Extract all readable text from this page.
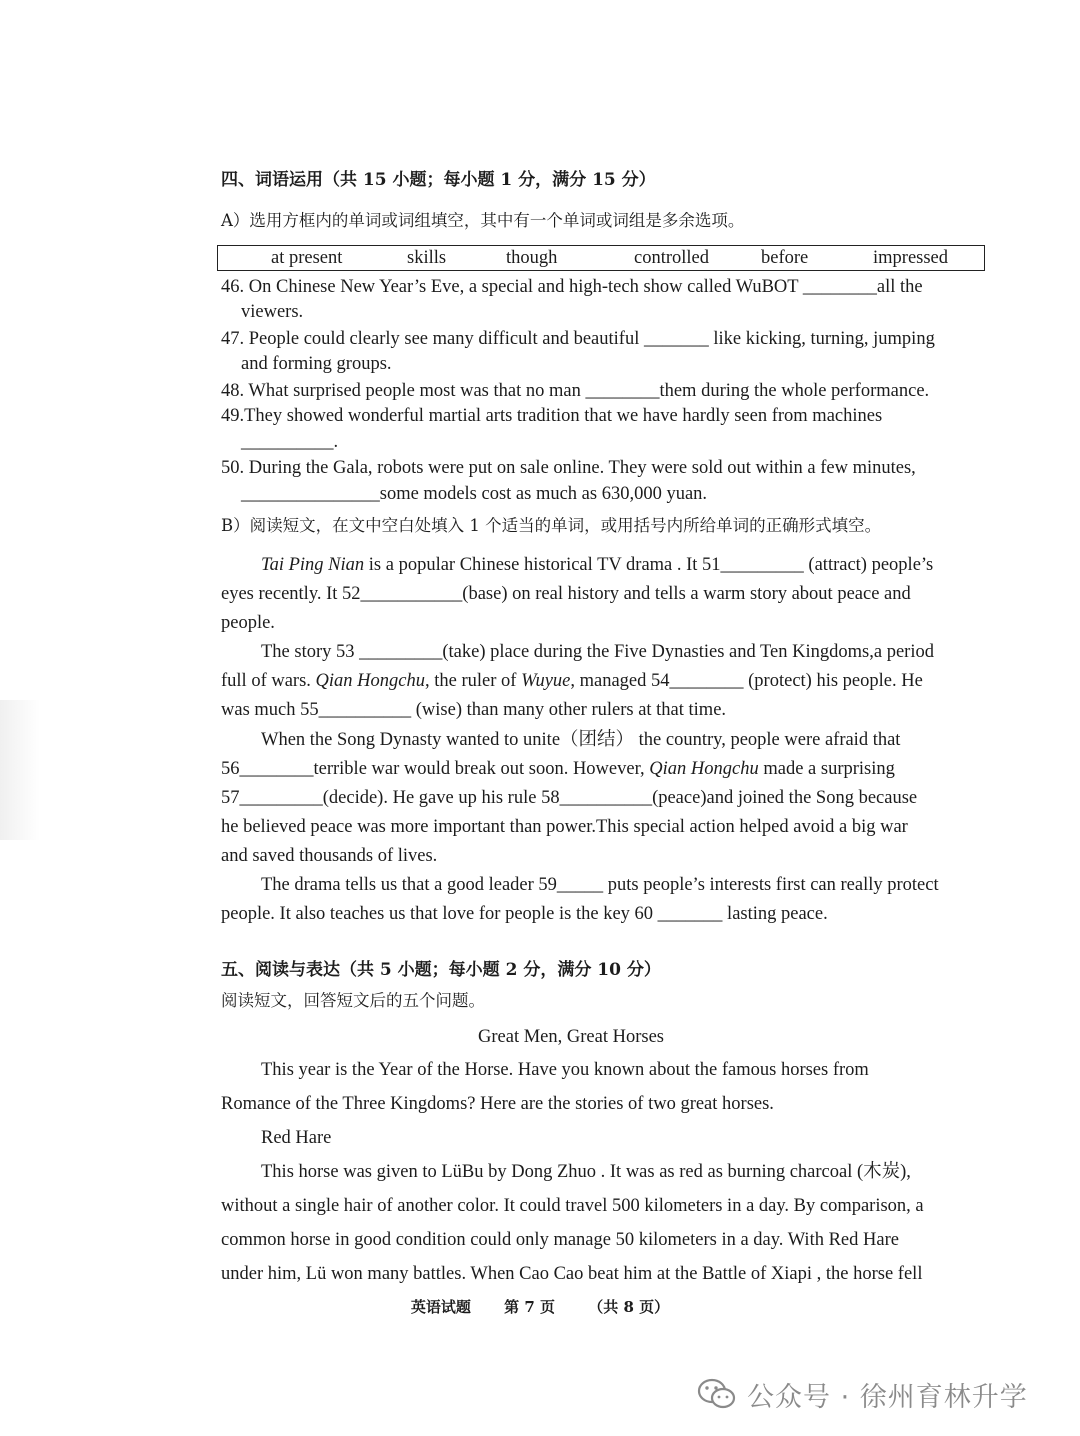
四、词语运用（共 15 小题；每小题 1 分，满分 15 分）
A）选用方框内的单词或词组填空，其中有一个单词或词组是多余选项。
at present	skills	though	controlled	before	impressed
46. On Chinese New Year’s Eve, a special and high-tech show called WuBOT ________all the
viewers.
47. People could clearly see many difficult and beautiful _______ like kicking, turning, jumping
and forming groups.
48. What surprised people most was that no man ________them during the whole performance.
49.They showed wonderful martial arts tradition that we have hardly seen from machines
__________.
50. During the Gala, robots were put on sale online. They were sold out within a few minutes,
_______________some models cost as much as 630,000 yuan.
B）阅读短文，在文中空白处填入 1 个适当的单词，或用括号内所给单词的正确形式填空。
Tai Ping Nian is a popular Chinese historical TV drama . It 51_________ (attract) people’s
eyes recently. It 52___________(base) on real history and tells a warm story about peace and
people.
The story 53 _________(take) place during the Five Dynasties and Ten Kingdoms,a period
full of wars. Qian Hongchu, the ruler of Wuyue, managed 54________ (protect) his people. He
was much 55__________ (wise) than many other rulers at that time.
When the Song Dynasty wanted to unite（团结） the country, people were afraid that
56________terrible war would break out soon. However, Qian Hongchu made a surprising
57_________(decide). He gave up his rule 58__________(peace)and joined the Song because
he believed peace was more important than power.This special action helped avoid a big war
and saved thousands of lives.
The drama tells us that a good leader 59_____ puts people’s interests first can really protect
people. It also teaches us that love for people is the key 60 _______ lasting peace.
五、阅读与表达（共 5 小题；每小题 2 分，满分 10 分）
阅读短文，回答短文后的五个问题。
Great Men, Great Horses
This year is the Year of the Horse. Have you known about the famous horses from
Romance of the Three Kingdoms? Here are the stories of two great horses.
Red Hare
This horse was given to LüBu by Dong Zhuo . It was as red as burning charcoal (木炭),
without a single hair of another color. It could travel 500 kilometers in a day. By comparison, a
common horse in good condition could only manage 50 kilometers in a day. With Red Hare
under him, Lü won many battles. When Cao Cao beat him at the Battle of Xiapi , the horse fell
英语试题 第 7 页 （共 8 页）
公众号 · 徐州育林升学
